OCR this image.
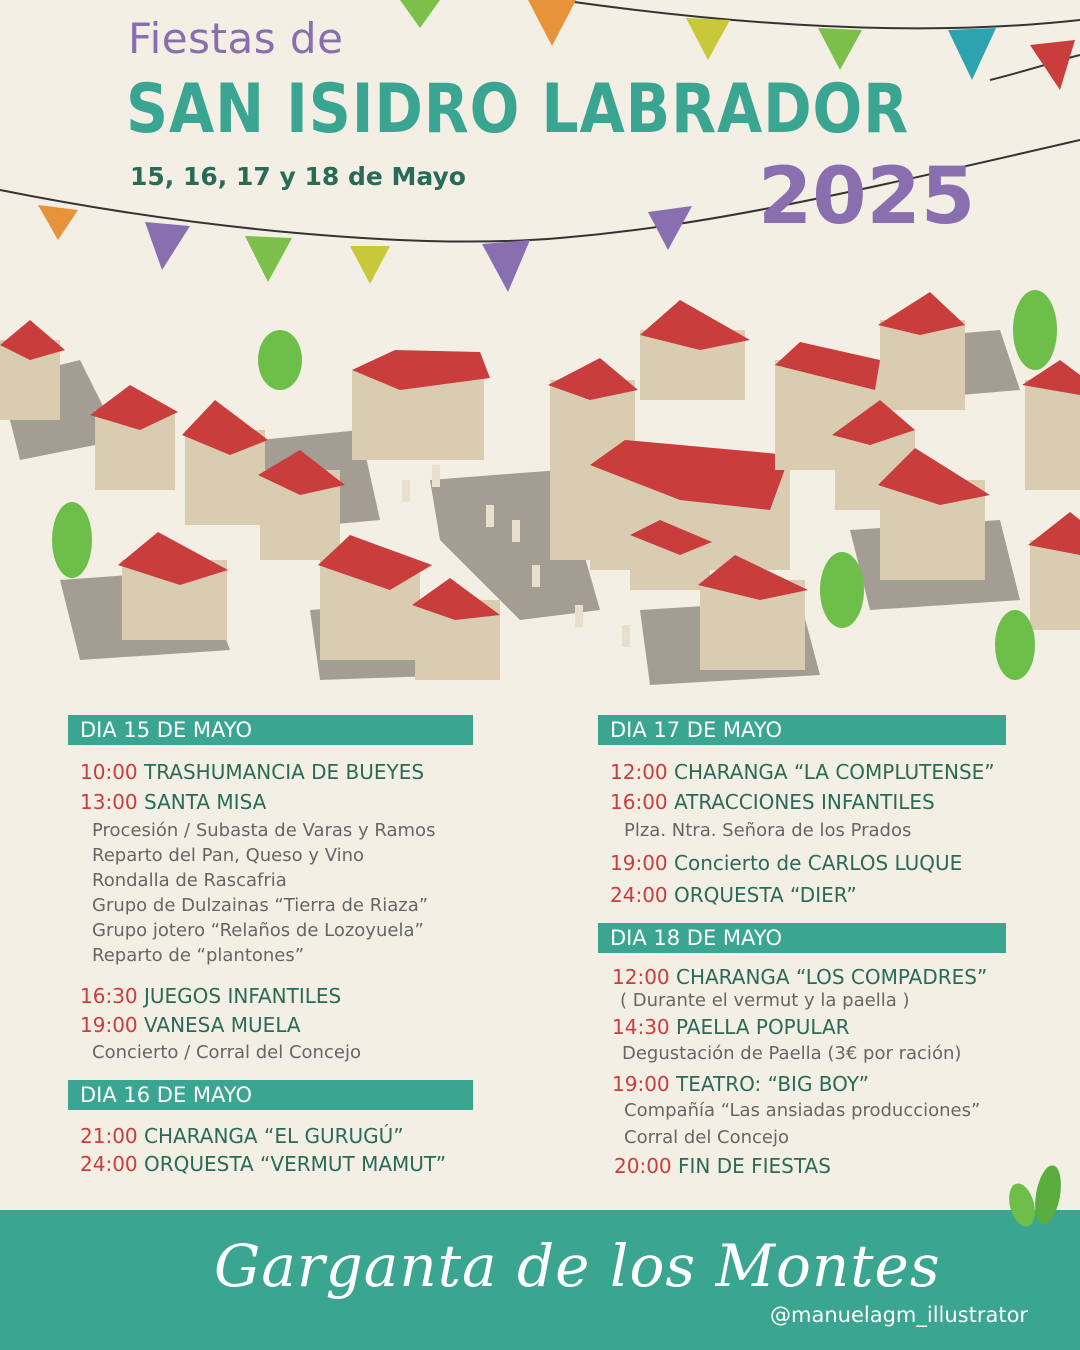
Fiestas de
SAN ISIDRO LABRADOR
15, 16, 17 y 18 de Mayo	2025
DIA 15 DE MAYO
10:00 TRASHUMANCIA DE BUEYES
13:00 SANTA MISA
Procesión / Subasta de Varas y Ramos
Reparto del Pan, Queso y Vino
Rondalla de Rascafria
Grupo de Dulzainas “Tierra de Riaza”
Grupo jotero “Relaños de Lozoyuela”
Reparto de “plantones”
16:30 JUEGOS INFANTILES
19:00 VANESA MUELA
Concierto / Corral del Concejo
DIA 16 DE MAYO
21:00 CHARANGA “EL GURUGÚ”
24:00 ORQUESTA “VERMUT MAMUT”
DIA 17 DE MAYO
12:00 CHARANGA “LA COMPLUTENSE”
16:00 ATRACCIONES INFANTILES
Plza. Ntra. Señora de los Prados
19:00 Concierto de CARLOS LUQUE
24:00 ORQUESTA “DIER”
DIA 18 DE MAYO
12:00 CHARANGA “LOS COMPADRES”
( Durante el vermut y la paella )
14:30 PAELLA POPULAR
Degustación de Paella (3€ por ración)
19:00 TEATRO: “BIG BOY”
Compañía “Las ansiadas producciones”
Corral del Concejo
20:00 FIN DE FIESTAS
Garganta de los Montes
@manuelagm_illustrator
